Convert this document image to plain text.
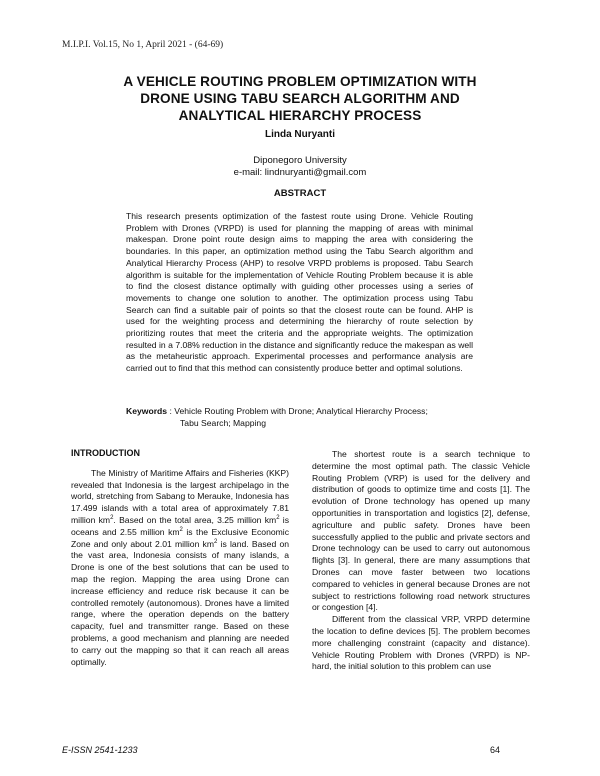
M.I.P.I. Vol.15, No 1, April 2021 - (64-69)
A VEHICLE ROUTING PROBLEM OPTIMIZATION WITH
DRONE USING TABU SEARCH ALGORITHM AND
ANALYTICAL HIERARCHY PROCESS
Linda Nuryanti
Diponegoro University
e-mail: lindnuryanti@gmail.com
ABSTRACT
This research presents optimization of the fastest route using Drone. Vehicle Routing Problem with Drones (VRPD) is used for planning the mapping of areas with minimal makespan. Drone point route design aims to mapping the area with considering the boundaries. In this paper, an optimization method using the Tabu Search algorithm and Analytical Hierarchy Process (AHP) to resolve VRPD problems is proposed. Tabu Search algorithm is suitable for the implementation of Vehicle Routing Problem because it is able to find the closest distance optimally with guiding other processes using a series of movements to change one solution to another. The optimization process using Tabu Search can find a suitable pair of points so that the closest route can be found. AHP is used for the weighting process and determining the hierarchy of route selection by prioritizing routes that meet the criteria and the appropriate weights. The optimization resulted in a 7.08% reduction in the distance and significantly reduce the makespan as well as the metaheuristic approach. Experimental processes and performance analysis are carried out to find that this method can consistently produce better and optimal solutions.
Keywords : Vehicle Routing Problem with Drone; Analytical Hierarchy Process;
Tabu Search; Mapping
INTRODUCTION

The Ministry of Maritime Affairs and Fisheries (KKP) revealed that Indonesia is the largest archipelago in the world, stretching from Sabang to Merauke, Indonesia has 17.499 islands with a total area of approximately 7.81 million $km^2$. Based on the total area, 3.25 million $km^2$ is oceans and 2.55 million $km^2$ is the Exclusive Economic Zone and only about 2.01 million $km^2$ is land. Based on the vast area, Indonesia consists of many islands, a Drone is one of the best solutions that can be used to map the region. Mapping the area using Drone can increase efficiency and reduce risk because it can be controlled remotely (autonomous). Drones have a limited range, where the operation depends on the battery capacity, fuel and transmitter range. Based on these problems, a good mechanism and planning are needed to carry out the mapping so that it can reach all areas optimally.

The shortest route is a search technique to determine the most optimal path. The classic Vehicle Routing Problem (VRP) is used for the delivery and distribution of goods to optimize time and costs [1]. The evolution of Drone technology has opened up many opportunities in transportation and logistics [2], defense, agriculture and public safety. Drones have been successfully applied to the public and private sectors and Drone technology can be used to carry out autonomous flights [3]. In general, there are many assumptions that Drones can move faster between two locations compared to vehicles in general because Drones are not subject to restrictions following road network structures or congestion [4].

Different from the classical VRP, VRPD determine the location to define devices [5]. The problem becomes more challenging constraint (capacity and distance). Vehicle Routing Problem with Drones (VRPD) is NP-hard, the initial solution to this problem can use

E-ISSN 2541-1233	64
